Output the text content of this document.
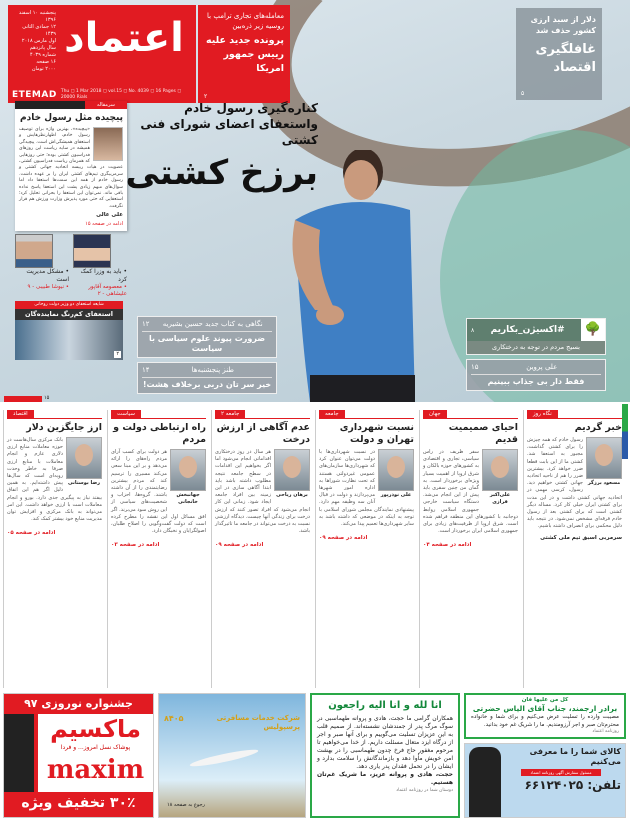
اعتماد
پنجشنبه ۱۰ اسفند ۱۳۹۶
۱۲ جمادی الثانی ۱۴۳۹
اول مارس ۲۰۱۸
سال پانزدهم
شماره ۴۰۳۹
۱۶ صفحه
۲۰۰۰ تومان
ETEMAD Thu ◻ 1 Mar 2018 ◻ vol.15 ◻ No. 4039 ◻ 16 Pages ◻ 20000 Rials
معامله‌های تجاری ترامپ با روسیه زیر ذره‌بین
پرونده جدید علیه رییس جمهور امریکا
۲
دلار از سبد ارزی کشور حذف شد
غافلگیری اقتصاد
۵
سرمقاله
پیچیده مثل رسول خادم

«پیچیده»، بهترین واژه برای توصیف رسول خادم، اظهارنظرهایش و استعفای همیشگی‌اش است. پیچیدگی همیشه در سایه ریاست این روزهای فدراسیون کشتی بوده؛ حتی روزهایی که همزمان ریاست فدراسیون کشتی، عضویت در هیات رییسه اتحادیه جهانی کشتی و سرمربیگری تیم‌های کشتی ایران را بر عهده داشت. رسول خادم از همه این سمت‌ها استعفا داد اما سوال‌های مبهم زیادی پشت این استعفا پاسخ نداده باقی ماند. نمی‌توان این استعفا را بحرانی تحلیل کرد؛ استعفایی که حتی مورد پذیرش وزارت ورزش هم قرار نگرفت.

علی عالی
ادامه در صفحه ۱۵
• باید به وزرا کمک کرد
• معصومه آقاپور علیشاهی - ۲
• مشکل مدیریت است
• نیوشا طبیبی - ۹
شایعه استعفای دو وزیر دولت روحانی
استعفای کم‌رنگ نماینده‌گان
۲
کناره‌گیری رسول خادم
واستعفای اعضای شورای فنی کشتی
برزخ کشتی
نگاهی به کتاب جدید حسین بشیریه
۱۲
ضرورت پیوند علوم سیاسی با سیاست
طنز پنجشنبه‌ها
۱۴
خیر سر تان دربی برخلاف هشت!
🌳
#اکسیژن_بکاریم
۸
بسیج مردم در توجه به درختکاری
علی پروین
۱۵
فقط دار بی جذاب ببینیم
۱۵
نگاه روز
خبر گردیم
مسعود برزگر

رسول خادم که همه چیزش را برای کشتی گذاشت، مجبور به استعفا شد. کشتی ما از این بابت قطعا ضرر خواهد کرد. بیشترین ضرر را هم از ناحیه اتحادیه جهانی کشتی خواهیم دید. رسول، کرسی مهمی در اتحادیه جهانی کشتی داشت و در این مدت برای کشتی ایران خیلی کار کرد. مساله دیگر کشتی است که برای کشتی بعد از رسول خادم فرقه‌ای مشخص نمی‌شود. در نتیجه باید دلیل محکمی برای انصراف داشته باشیم.

سرمربی اسبق تیم ملی کشتی
جهان
احیای صمیمیت قدیم
علی‌اکبر فرازی

سفر ظریف در راس سیاسی، تجاری و اقتصادی به کشورهای حوزه بالکان و شرق اروپا از اهمیت بسیار ویژه‌ای برخوردار است. به گمان من چنین سفری باید پیش از این انجام می‌شد. دستگاه سیاست خارجی جمهوری اسلامی روابط دوجانبه با کشورهای این منطقه فراهم شده است. شرق اروپا از ظرفیت‌های زیادی برای جمهوری اسلامی ایران برخوردار است.

ادامه در صفحه ۰۴
جامعه
نسبت شهرداری تهران و دولت
علی نوذرپور

در نسبت شهرداری‌ها با دولت می‌توان عنوان کرد که شهرداری‌ها سازمان‌های عمومی غیردولتی هستند که تحت نظارت شوراها به اداره امور شهرها می‌پردازند و دولت در قبال آنان سه وظیفه مهم دارد. پیشنهادی نمایندگان مجلس شورای اسلامی با توجه به اینکه در موضعی که داشته باشد به سایر شهرداری‌ها تعمیم پیدا می‌کند.

ادامه در صفحه ۰۹
جامعه ۲
عدم آگاهی از ارزش درخت
برهان ریاحی

هر سال در روز درختکاری اقداماتی انجام می‌شود اما اگر بخواهیم این اقدامات در سطح جامعه نتیجه مطلوب داشته باشد باید ابتدا آگاهی سازی در این زمینه بین افراد جامعه ایجاد شود. زمانی این کار انجام می‌شود که افراد تصور کنند که ارزش درخت برای زندگی آنها چیست. دیدگاه ارزشی نسبت به درخت می‌تواند در جامعه ما تاثیرگذار باشد.

ادامه در صفحه ۰۹
سیاست
راه ارتباطی دولت و مردم
جهانبخش خانجانی

هر دولت برای کسب آرای مردم راه‌های را ارائه می‌دهد و بر این مبنا سعی می‌کند مسیری را ترسیم کند که مردم بیشترین رضایتمندی را از آن داشته باشند. گروه‌ها، احزاب و شخصیت‌های سیاسی از این روش سود می‌برند. اگر افق مسائل اول این نقشه را مطرح کرده است که دولت گفت‌وگویی را اصلاح طلبان، اصولگرایان و نخبگان دارد.

ادامه در صفحه ۰۳
اقتصاد
ارز جایگزین دلار
رضا بوستانی

بانک مرکزی سال‌هاست در حوزه معاملات منابع ارزی دلاری عازم و انجام معاملات با منابع ارزی صرفا به خاطر وحدت رویه‌ای است که سال‌ها پیش داشته‌ایم. به همین دلیل اگر هم این اتفاق بیفتد نیاز به پیگیری جدی دارد. بورو و انجام معاملات است با ارزی خواهد داشت. این امر می‌تواند به بانک مرکزی و افزایش توان مدیریت منابع خود بیشتر کمک کند.

ادامه در صفحه ۰۵
جشنواره نوروزی ۹۷
ماکسیم
پوشاک نسل امروز... و فردا
maxim
۳۰٪ تخفیف ویژه
شرکت خدمات مسافرتی پرسپولیس
۸۴۰۵
رجوع به صفحه ۱۸
انا لله و انا الیه راجعون

همکاران گرامی ما حجت، هادی و پروانه طهماسبی در سوگ مرگ پدر از جمندشان نشسته‌اند. از صمیم قلب به این عزیزان تسلیت می‌گوییم و برای آنها صبر و اجر از درگاه ایزد متعال مسئلت داریم. از خدا می‌خواهیم تا مرحوم مغفور حاج فرخ چدون طهماسبی را در بهشت امن خویش مأوا دهد و بازماندگانش را سلامت بدارد و ایشان را در تحمل فقدان پدر یاری دهد.

حجت، هادی و پروانه عزیز، ما شریک غم‌تان هستیم.

دوستان شما در روزنامه اعتماد

کل من علیها فان
برادر ارجمند، جناب آقای الیاس حضرتی

مصیبت وارده را تسلیت عرض می‌کنیم و برای شما و خانواده محترم‌تان صبر و اجر آرزومندیم. ما را شریک غم خود بدانید.

روزنامه اعتماد

کالای شما را ما معرفی می‌کنیم
مسئول سفارش آگهی روزنامه اعتماد
تلفن: ۶۶۱۲۴۰۲۵
